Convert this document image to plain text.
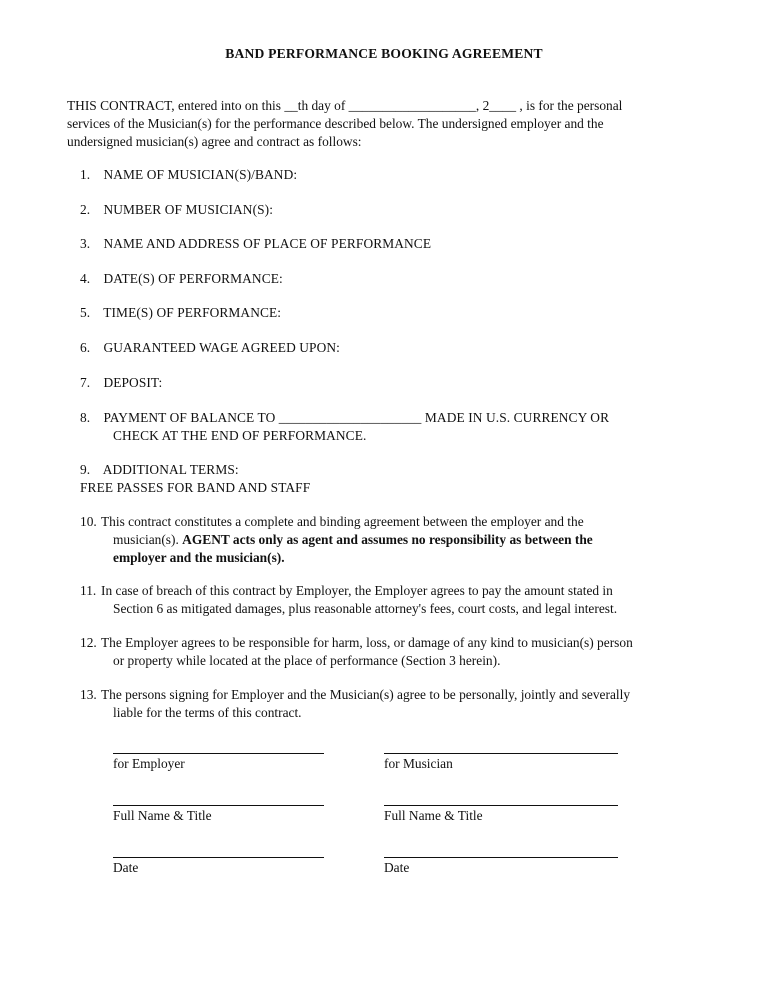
BAND PERFORMANCE BOOKING AGREEMENT
THIS CONTRACT, entered into on this __th day of ___________________, 2____ , is for the personal
services of the Musician(s) for the performance described below. The undersigned employer and the
undersigned musician(s) agree and contract as follows:
1. NAME OF MUSICIAN(S)/BAND:
2. NUMBER OF MUSICIAN(S):
3. NAME AND ADDRESS OF PLACE OF PERFORMANCE
4. DATE(S) OF PERFORMANCE:
5. TIME(S) OF PERFORMANCE:
6. GUARANTEED WAGE AGREED UPON:
7. DEPOSIT:
8. PAYMENT OF BALANCE TO _____________________ MADE IN U.S. CURRENCY OR
CHECK AT THE END OF PERFORMANCE.
9. ADDITIONAL TERMS:
FREE PASSES FOR BAND AND STAFF
10. This contract constitutes a complete and binding agreement between the employer and the
musician(s). AGENT acts only as agent and assumes no responsibility as between the
employer and the musician(s).
11. In case of breach of this contract by Employer, the Employer agrees to pay the amount stated in
Section 6 as mitigated damages, plus reasonable attorney's fees, court costs, and legal interest.
12. The Employer agrees to be responsible for harm, loss, or damage of any kind to musician(s) person
or property while located at the place of performance (Section 3 herein).
13. The persons signing for Employer and the Musician(s) agree to be personally, jointly and severally
liable for the terms of this contract.
for Employer	for Musician
Full Name & Title	Full Name & Title
Date	Date
